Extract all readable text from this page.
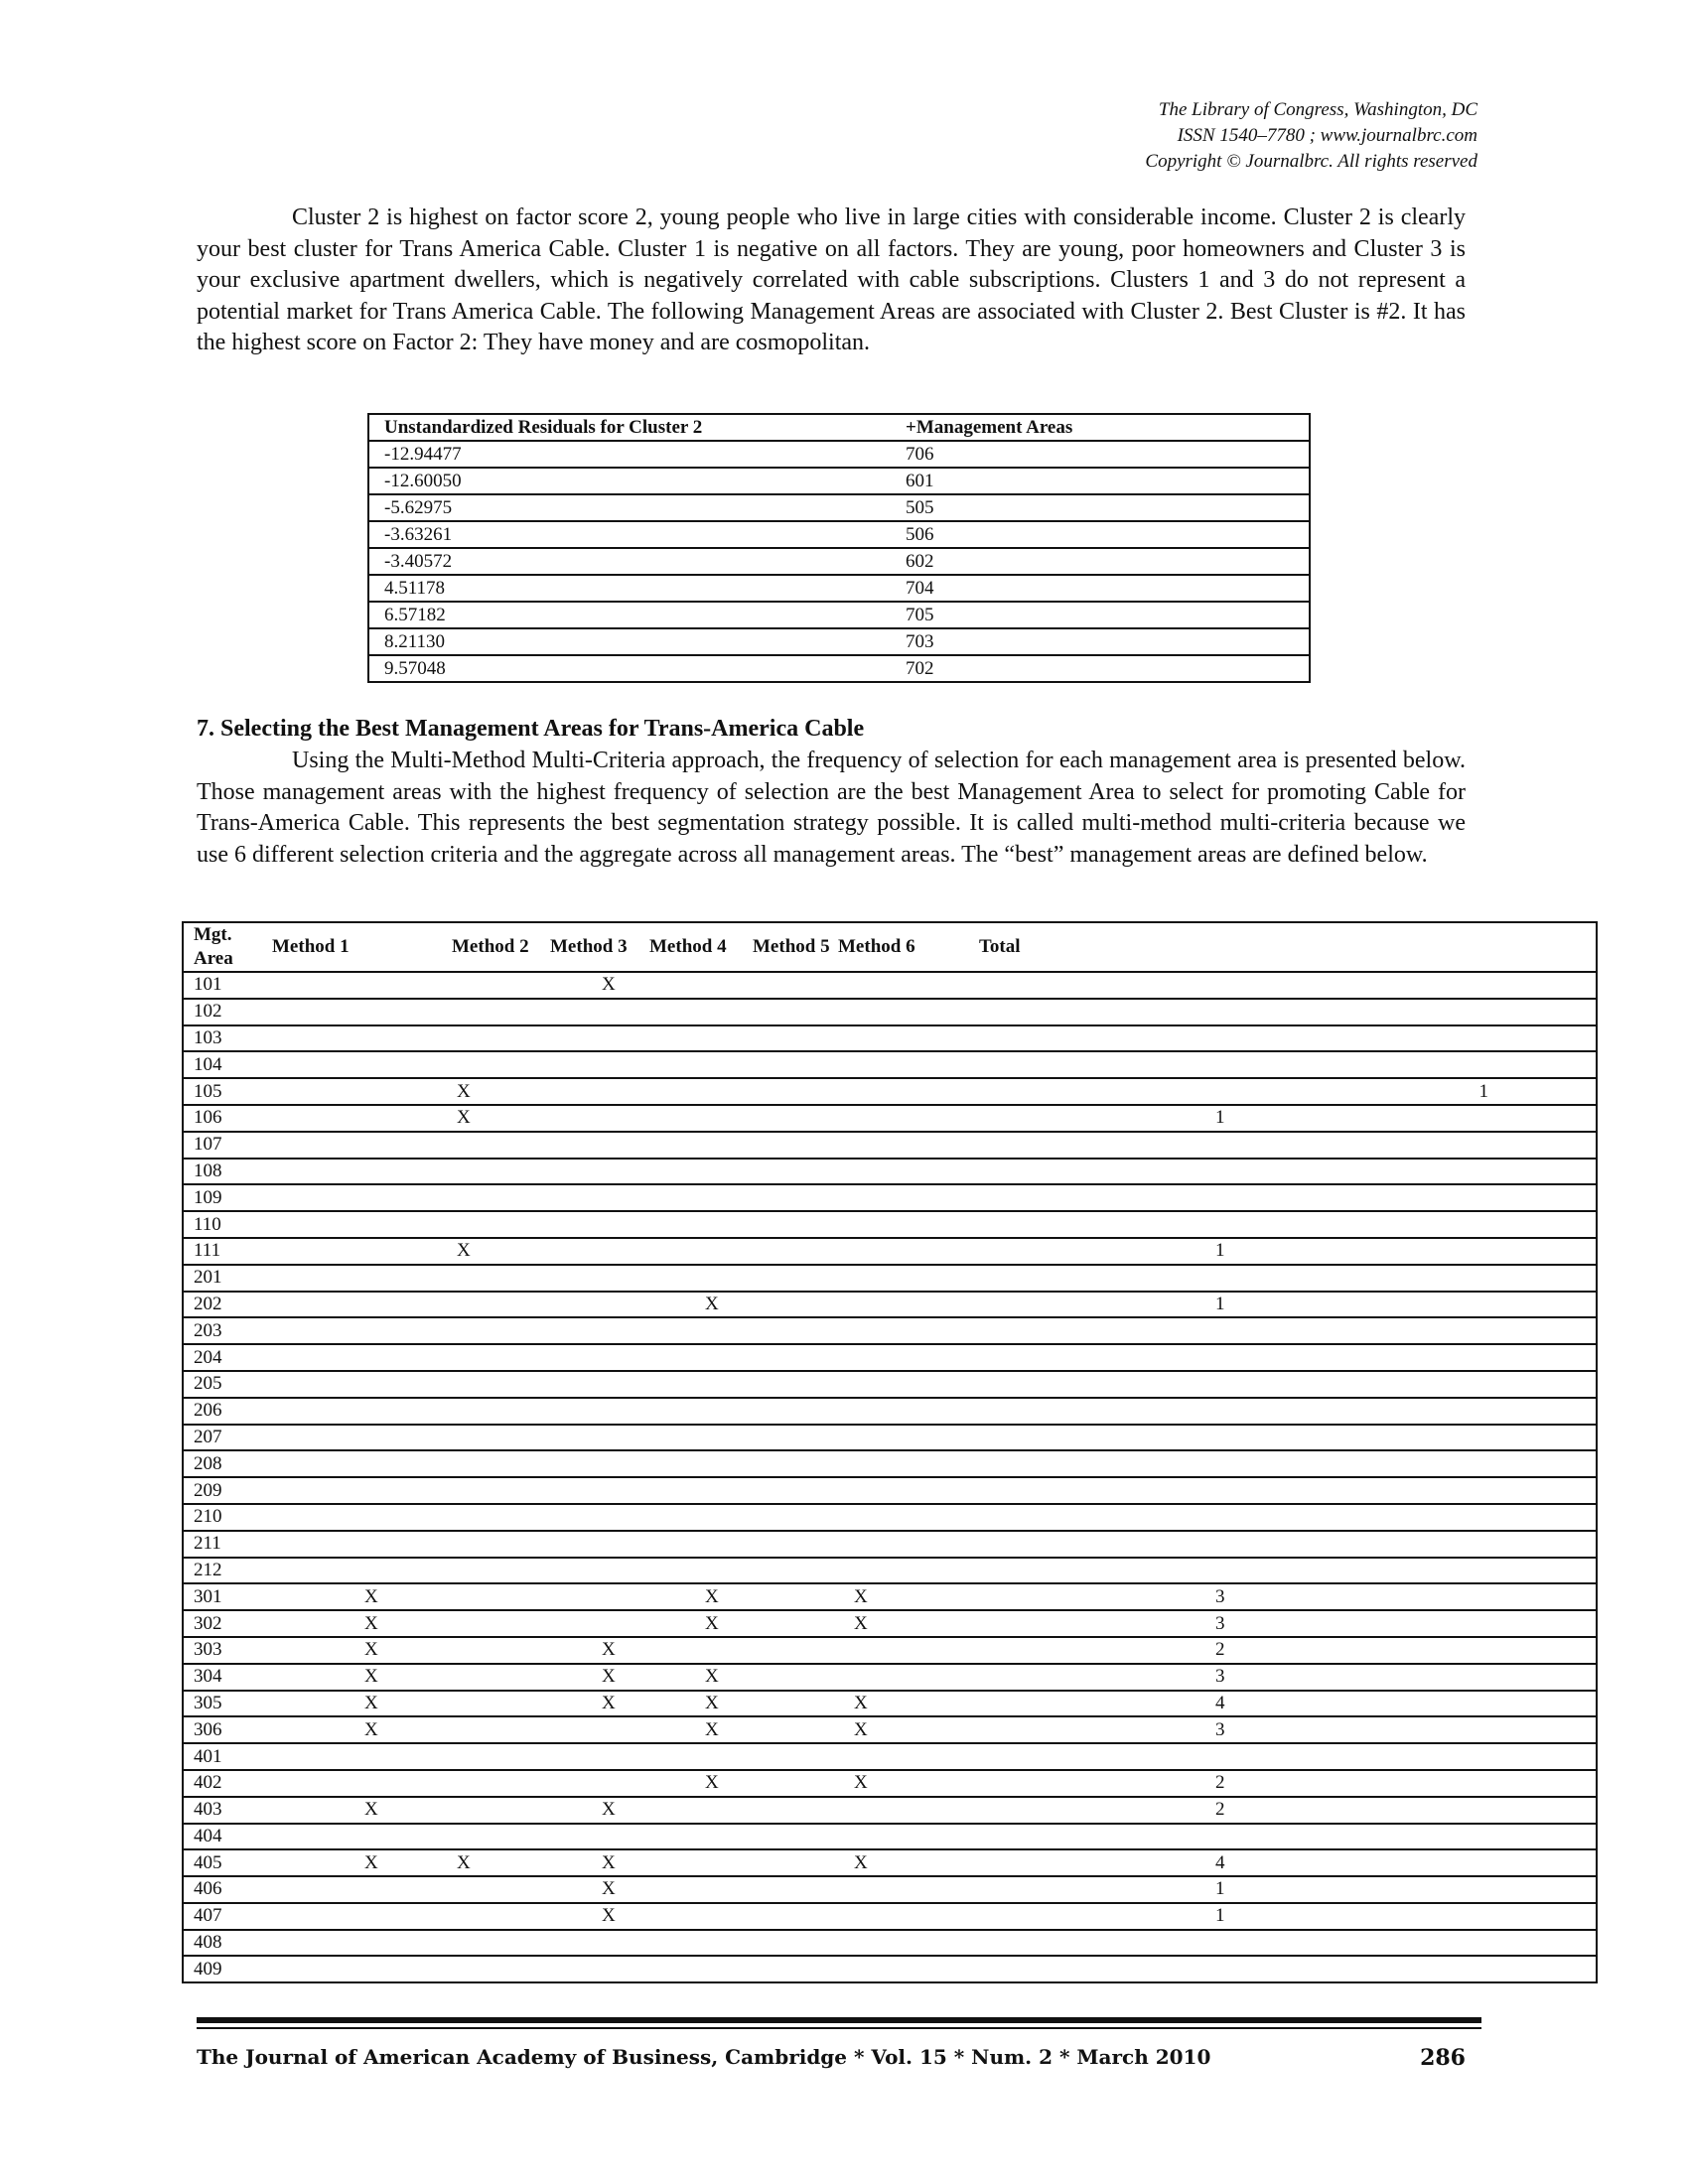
The Library of Congress, Washington, DC
ISSN 1540–7780 ; www.journalbrc.com
Copyright © Journalbrc. All rights reserved

Cluster 2 is highest on factor score 2, young people who live in large cities with considerable income. Cluster 2 is clearly your best cluster for Trans America Cable. Cluster 1 is negative on all factors. They are young, poor homeowners and Cluster 3 is your exclusive apartment dwellers, which is negatively correlated with cable subscriptions. Clusters 1 and 3 do not represent a potential market for Trans America Cable. The following Management Areas are associated with Cluster 2. Best Cluster is #2. It has the highest score on Factor 2: They have money and are cosmopolitan.

Unstandardized Residuals for Cluster 2	+Management Areas
-12.94477	706
-12.60050	601
-5.62975	505
-3.63261	506
-3.40572	602
4.51178	704
6.57182	705
8.21130	703
9.57048	702
7. Selecting the Best Management Areas for Trans-America Cable

Using the Multi-Method Multi-Criteria approach, the frequency of selection for each management area is presented below. Those management areas with the highest frequency of selection are the best Management Area to select for promoting Cable for Trans-America Cable. This represents the best segmentation strategy possible. It is called multi-method multi-criteria because we use 6 different selection criteria and the aggregate across all management areas. The “best” management areas are defined below.

Mgt. Area	Method 1	Method 2	Method 3	Method 4	Method 5	Method 6	Total	
101			X					
102								
103								
104								
105		X						1
106		X					1	
107								
108								
109								
110								
111		X					1	
201								
202				X			1	
203								
204								
205								
206								
207								
208								
209								
210								
211								
212								
301	X			X		X	3	
302	X			X		X	3	
303	X		X				2	
304	X		X	X			3	
305	X		X	X		X	4	
306	X			X		X	3	
401								
402				X		X	2	
403	X		X				2	
404								
405	X	X	X			X	4	
406			X				1	
407			X				1	
408								
409								
The Journal of American Academy of Business, Cambridge * Vol. 15 * Num. 2 * March 2010	286
